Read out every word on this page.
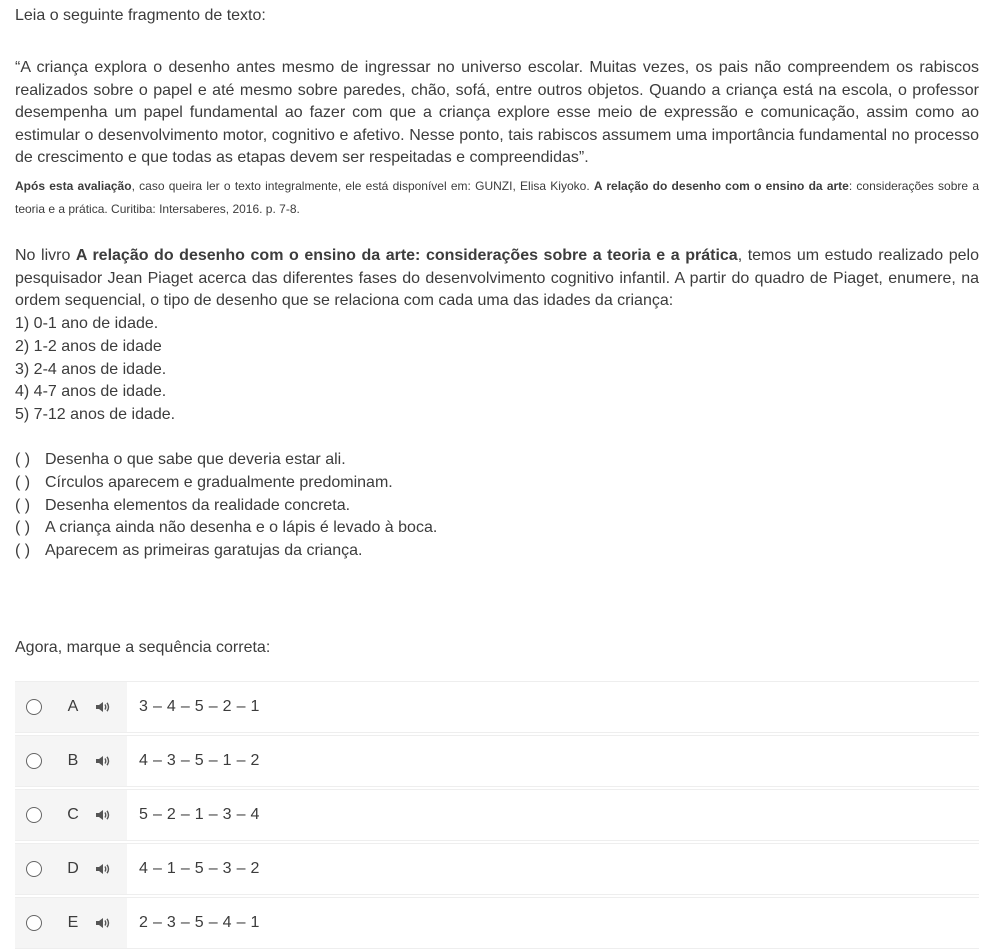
Leia o seguinte fragmento de texto:

“A criança explora o desenho antes mesmo de ingressar no universo escolar. Muitas vezes, os pais não compreendem os rabiscos realizados sobre o papel e até mesmo sobre paredes, chão, sofá, entre outros objetos. Quando a criança está na escola, o professor desempenha um papel fundamental ao fazer com que a criança explore esse meio de expressão e comunicação, assim como ao estimular o desenvolvimento motor, cognitivo e afetivo. Nesse ponto, tais rabiscos assumem uma importância fundamental no processo de crescimento e que todas as etapas devem ser respeitadas e compreendidas”.

Após esta avaliação, caso queira ler o texto integralmente, ele está disponível em: GUNZI, Elisa Kiyoko. A relação do desenho com o ensino da arte: considerações sobre a teoria e a prática. Curitiba: Intersaberes, 2016. p. 7-8.

No livro A relação do desenho com o ensino da arte: considerações sobre a teoria e a prática, temos um estudo realizado pelo pesquisador Jean Piaget acerca das diferentes fases do desenvolvimento cognitivo infantil. A partir do quadro de Piaget, enumere, na ordem sequencial, o tipo de desenho que se relaciona com cada uma das idades da criança:

1) 0-1 ano de idade.
2) 1-2 anos de idade
3) 2-4 anos de idade.
4) 4-7 anos de idade.
5) 7-12 anos de idade.
( ) Desenha o que sabe que deveria estar ali.
( ) Círculos aparecem e gradualmente predominam.
( ) Desenha elementos da realidade concreta.
( ) A criança ainda não desenha e o lápis é levado à boca.
( ) Aparecem as primeiras garatujas da criança.

Agora, marque a sequência correta:

A	3 – 4 – 5 – 2 – 1
B	4 – 3 – 5 – 1 – 2
C	5 – 2 – 1 – 3 – 4
D	4 – 1 – 5 – 3 – 2
E	2 – 3 – 5 – 4 – 1
